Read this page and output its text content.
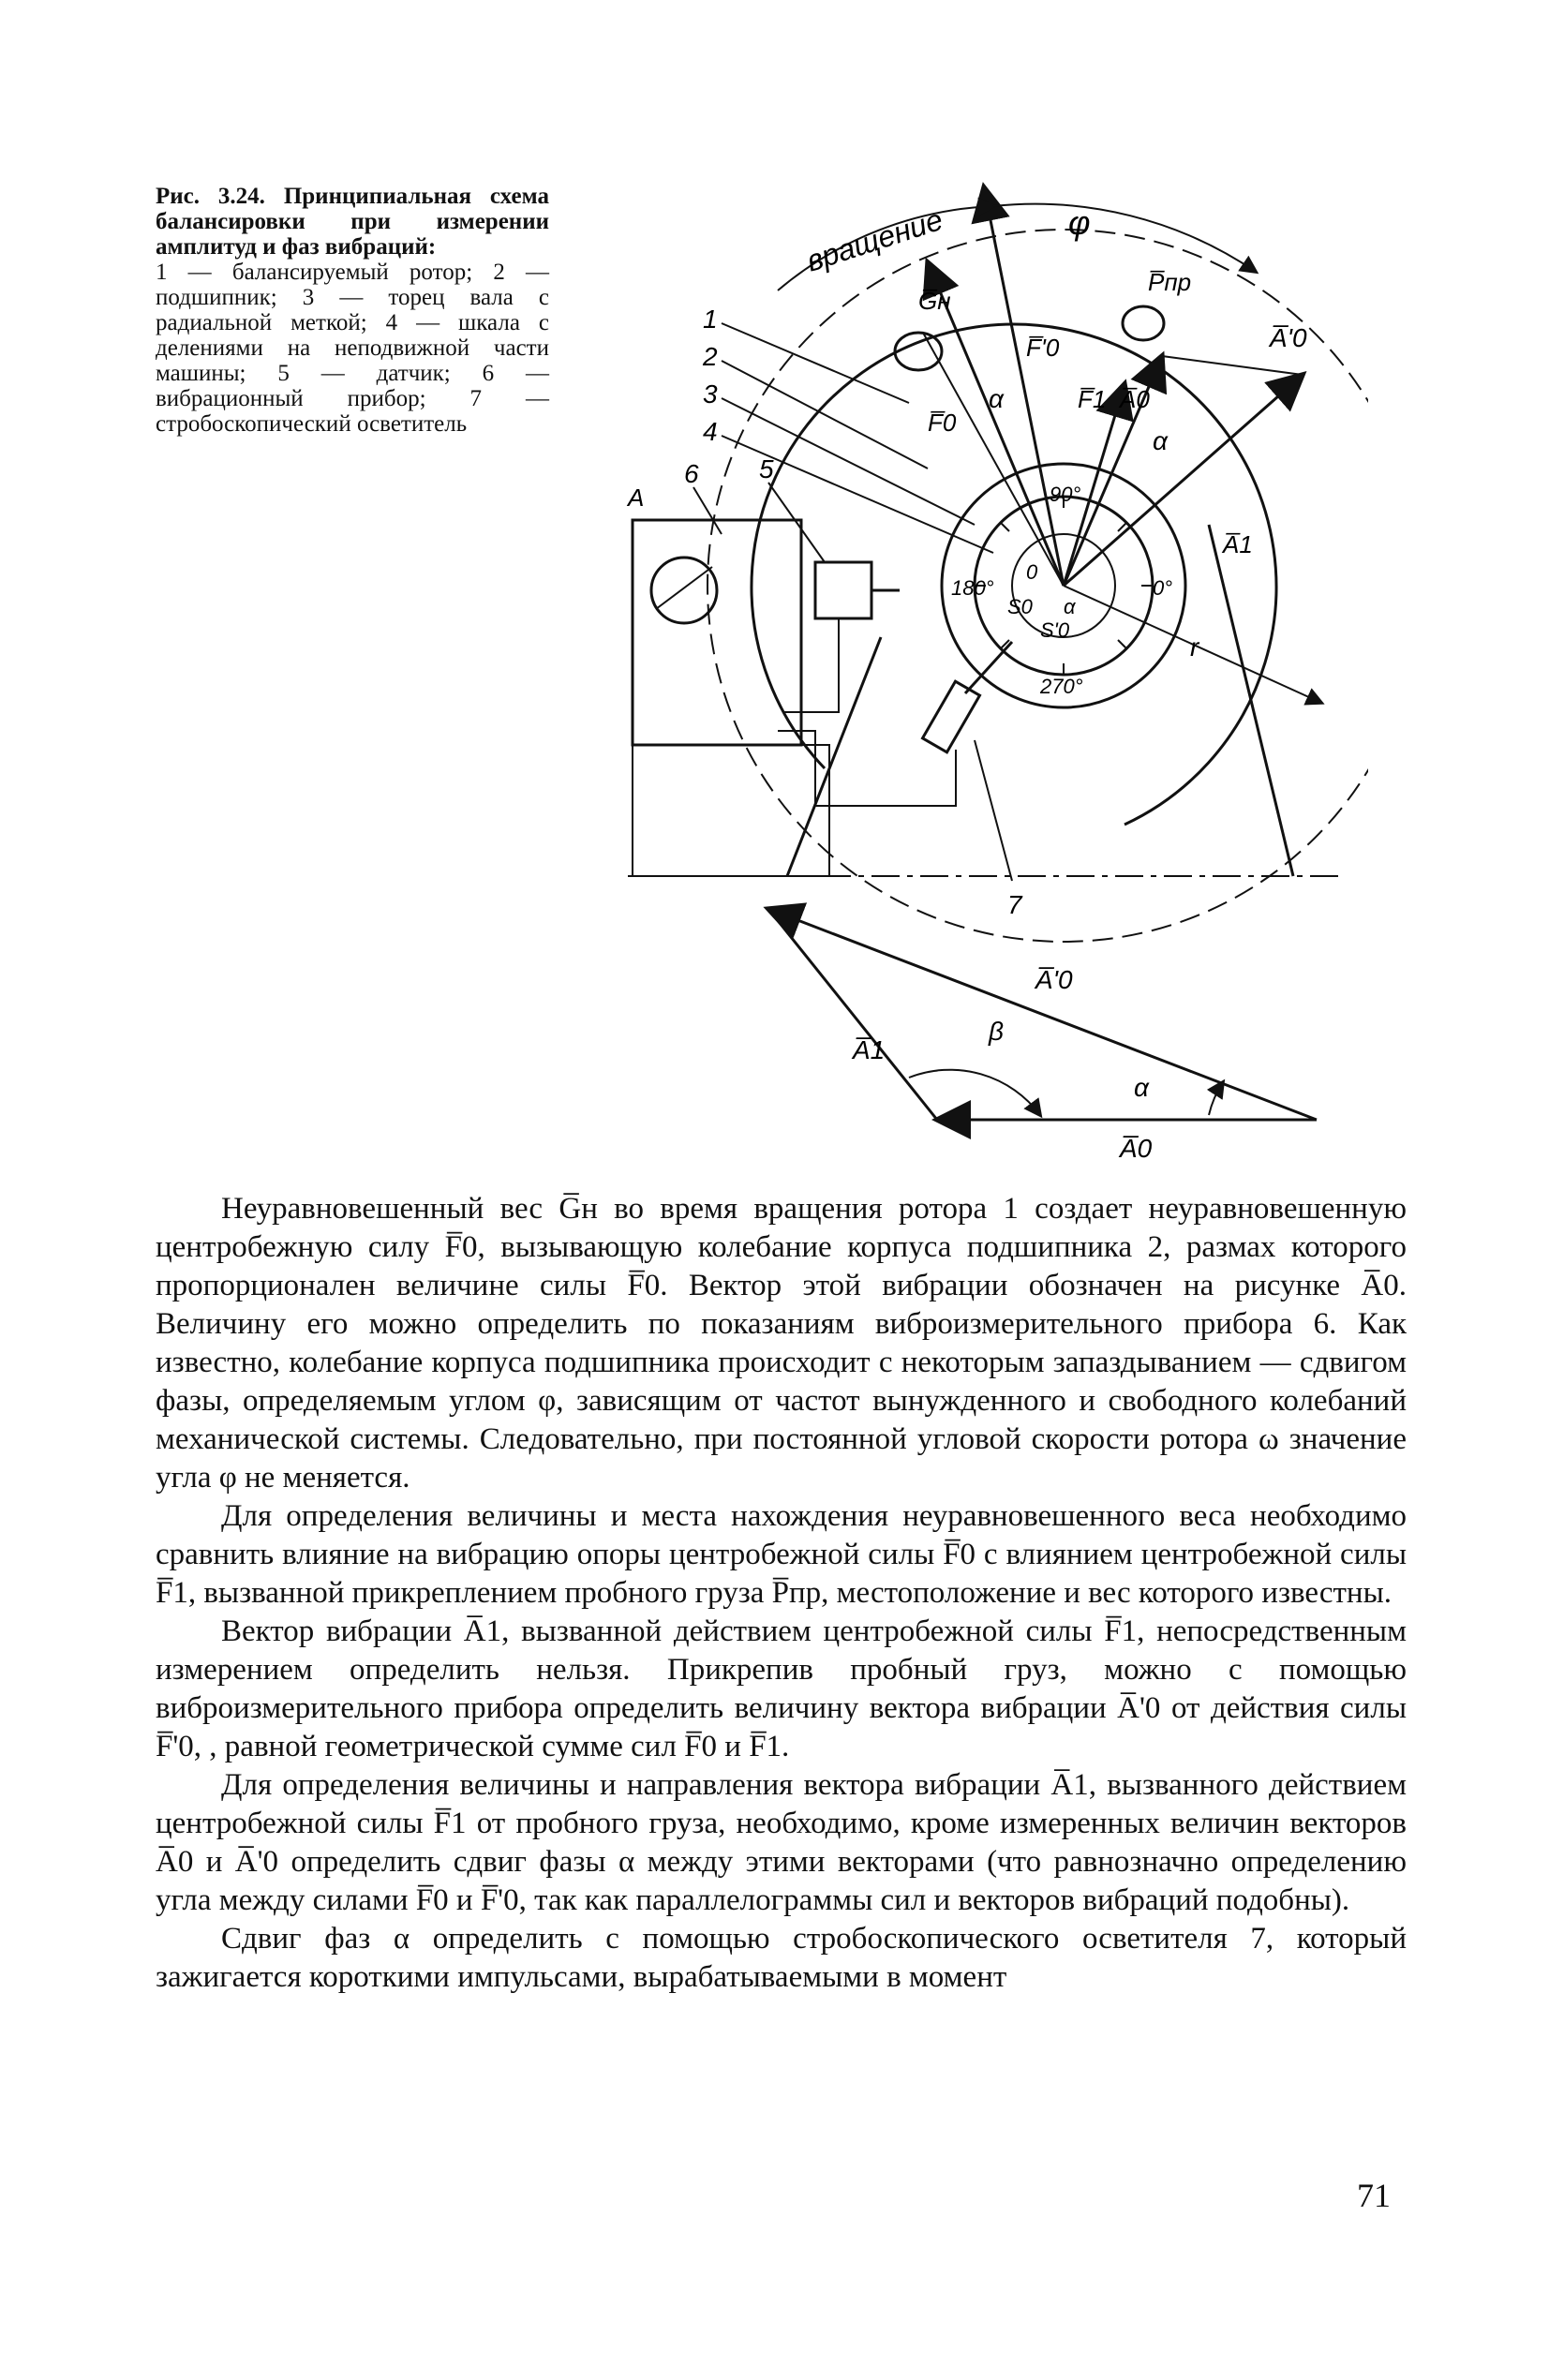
Рис. 3.24. Принципиальная схема балансировки при измерении амплитуд и фаз вибраций:

1 — балансируемый ротор; 2 — подшипник; 3 — торец вала с радиальной меткой; 4 — шкала с делениями на неподвижной части машины; 5 — датчик; 6 — вибрационный прибор; 7 — стробоскопический осветитель

вращение	φ
G̅н
P̅пр
A̅'0
F̅'0
F̅1 A̅0
F̅0
α
α
A̅1
r
1
2
3
4
5
6
7
A	90°
180°	0°
270°
0
S0
S'0
α
A̅'0
A̅1
β
α
A̅0

Неуравновешенный вес G̅н во время вращения ротора 1 создает неуравновешенную центробежную силу F̅0, вызывающую колебание корпуса подшипника 2, размах которого пропорционален величине силы F̅0. Вектор этой вибрации обозначен на рисунке A̅0. Величину его можно определить по показаниям виброизмерительного прибора 6. Как известно, колебание корпуса подшипника происходит с некоторым запаздыванием — сдвигом фазы, определяемым углом φ, зависящим от частот вынужденного и свободного колебаний механической системы. Следовательно, при постоянной угловой скорости ротора ω значение угла φ не меняется.

Для определения величины и места нахождения неуравновешенного веса необходимо сравнить влияние на вибрацию опоры центробежной силы F̅0 с влиянием центробежной силы F̅1, вызванной прикреплением пробного груза P̅пр, местоположение и вес которого известны.

Вектор вибрации A̅1, вызванной действием центробежной силы F̅1, непосредственным измерением определить нельзя. Прикрепив пробный груз, можно с помощью виброизмерительного прибора определить величину вектора вибрации A̅'0 от действия силы F̅'0, , равной геометрической сумме сил F̅0 и F̅1.

Для определения величины и направления вектора вибрации A̅1, вызванного действием центробежной силы F̅1 от пробного груза, необходимо, кроме измеренных величин векторов A̅0 и A̅'0 определить сдвиг фазы α между этими векторами (что равнозначно определению угла между силами F̅0 и F̅'0, так как параллелограммы сил и векторов вибраций подобны).

Сдвиг фаз α определить с помощью стробоскопического осветителя 7, который зажигается короткими импульсами, вырабатываемыми в момент

71
